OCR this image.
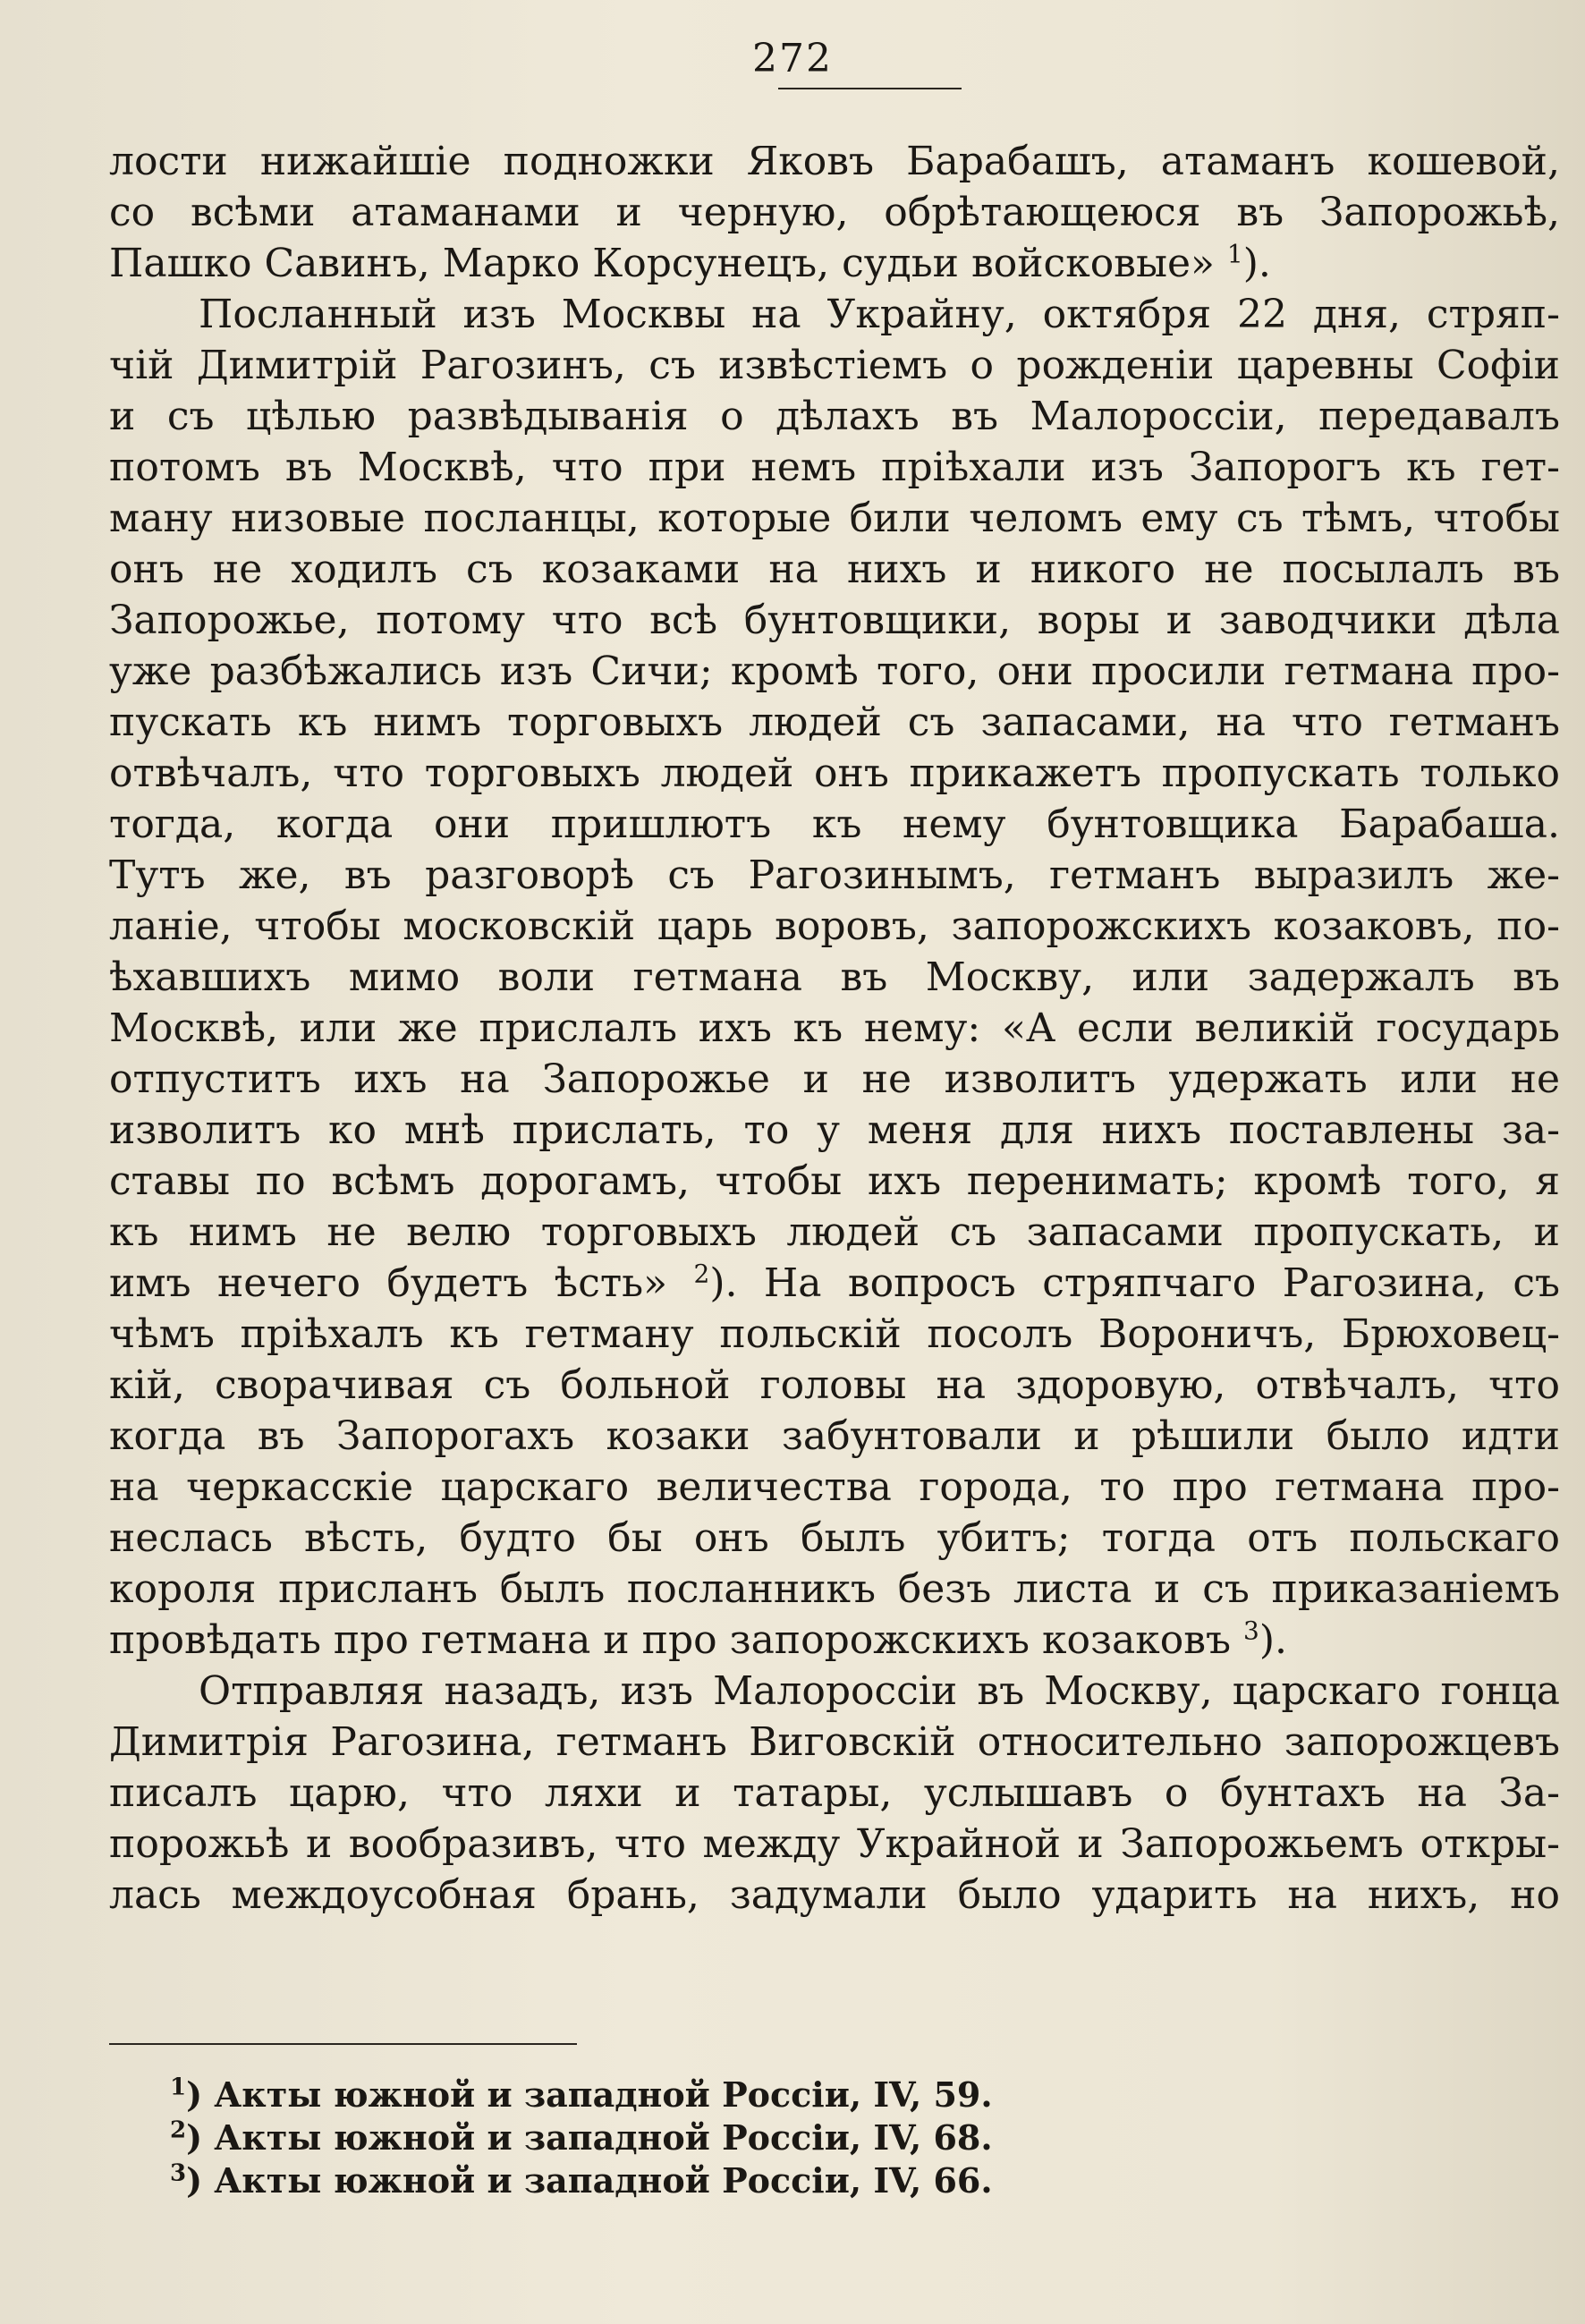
272
лости нижайшiе подножки Яковъ Барабашъ, атаманъ кошевой,
со всѣми атаманами и черную, обрѣтающеюся въ Запорожьѣ,
Пашко Савинъ, Марко Корсунецъ, судьи войсковые» $^1$).
Посланный изъ Москвы на Украйну, октября 22 дня, стряп-
чiй Димитрiй Рагозинъ, съ извѣстiемъ о рожденiи царевны Софiи
и съ цѣлью развѣдыванiя о дѣлахъ въ Малороссiи, передавалъ
потомъ въ Москвѣ, что при немъ прiѣхали изъ Запорогъ къ гет-
ману низовые посланцы, которые били челомъ ему съ тѣмъ, чтобы
онъ не ходилъ съ козаками на нихъ и никого не посылалъ въ
Запорожье, потому что всѣ бунтовщики, воры и заводчики дѣла
уже разбѣжались изъ Сичи; кромѣ того, они просили гетмана про-
пускать къ нимъ торговыхъ людей съ запасами, на что гетманъ
отвѣчалъ, что торговыхъ людей онъ прикажетъ пропускать только
тогда, когда они пришлютъ къ нему бунтовщика Барабаша.
Тутъ же, въ разговорѣ съ Рагозинымъ, гетманъ выразилъ же-
ланiе, чтобы московскiй царь воровъ, запорожскихъ козаковъ, по-
ѣхавшихъ мимо воли гетмана въ Москву, или задержалъ въ
Москвѣ, или же прислалъ ихъ къ нему: «А если великiй государь
отпуститъ ихъ на Запорожье и не изволитъ удержать или не
изволитъ ко мнѣ прислать, то у меня для нихъ поставлены за-
ставы по всѣмъ дорогамъ, чтобы ихъ перенимать; кромѣ того, я
къ нимъ не велю торговыхъ людей съ запасами пропускать, и
имъ нечего будетъ ѣсть» $^2$). На вопросъ стряпчаго Рагозина, съ
чѣмъ прiѣхалъ къ гетману польскiй посолъ Вороничъ, Брюховец-
кiй, сворачивая съ больной головы на здоровую, отвѣчалъ, что
когда въ Запорогахъ козаки забунтовали и рѣшили было идти
на черкасскiе царскаго величества города, то про гетмана про-
неслась вѣсть, будто бы онъ былъ убитъ; тогда отъ польскаго
короля присланъ былъ посланникъ безъ листа и съ приказанiемъ
провѣдать про гетмана и про запорожскихъ козаковъ $^3$).
Отправляя назадъ, изъ Малороссiи въ Москву, царскаго гонца
Димитрiя Рагозина, гетманъ Виговскiй относительно запорожцевъ
писалъ царю, что ляхи и татары, услышавъ о бунтахъ на За-
порожьѣ и вообразивъ, что между Украйной и Запорожьемъ откры-
лась междоусобная брань, задумали было ударить на нихъ, но
$^1$) Акты южной и западной Россiи, IV, 59.
$^2$) Акты южной и западной Россiи, IV, 68.
$^3$) Акты южной и западной Россiи, IV, 66.
